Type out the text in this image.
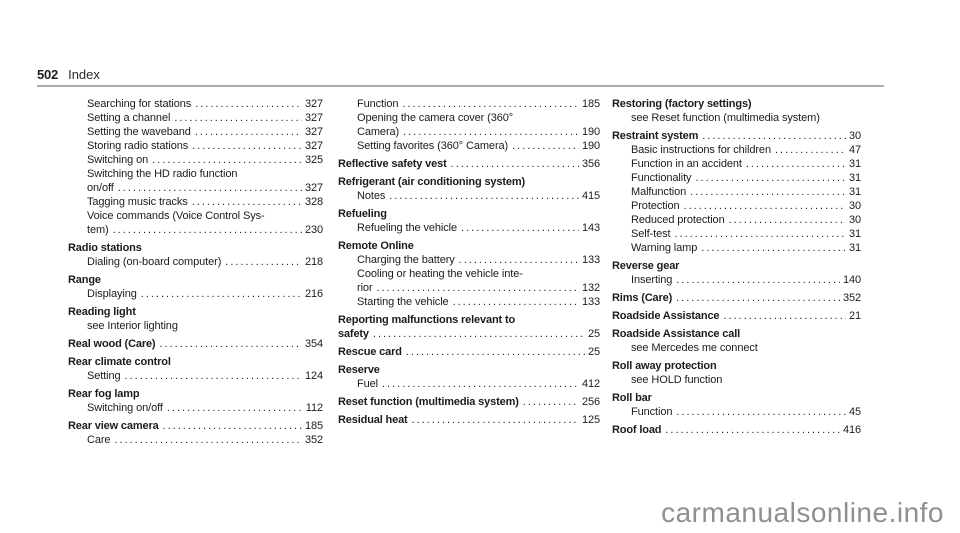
502 Index
Searching for stations .....	327
Setting a channel .....	327
Setting the waveband .....	327
Storing radio stations .....	327
Switching on .....	325
Switching the HD radio function
on/off .....	327
Tagging music tracks .....	328
Voice commands (Voice Control Sys-
tem) .....	230
Radio stations
Dialing (on-board computer) .....	218
Range
Displaying .....	216
Reading light
see Interior lighting
Real wood (Care) .....	354
Rear climate control
Setting .....	124
Rear fog lamp
Switching on/off .....	112
Rear view camera .....	185
Care .....	352
Function .....	185
Opening the camera cover (360°
Camera) .....	190
Setting favorites (360° Camera) .....	190
Reflective safety vest .....	356
Refrigerant (air conditioning system)
Notes .....	415
Refueling
Refueling the vehicle .....	143
Remote Online
Charging the battery .....	133
Cooling or heating the vehicle inte-
rior .....	132
Starting the vehicle .....	133
Reporting malfunctions relevant to
safety .....	25
Rescue card .....	25
Reserve
Fuel .....	412
Reset function (multimedia system) .....	256
Residual heat .....	125
Restoring (factory settings)
see Reset function (multimedia system)
Restraint system .....	30
Basic instructions for children .....	47
Function in an accident .....	31
Functionality .....	31
Malfunction .....	31
Protection .....	30
Reduced protection .....	30
Self-test .....	31
Warning lamp .....	31
Reverse gear
Inserting .....	140
Rims (Care) .....	352
Roadside Assistance .....	21
Roadside Assistance call
see Mercedes me connect
Roll away protection
see HOLD function
Roll bar
Function .....	45
Roof load .....	416
carmanualsonline.info
